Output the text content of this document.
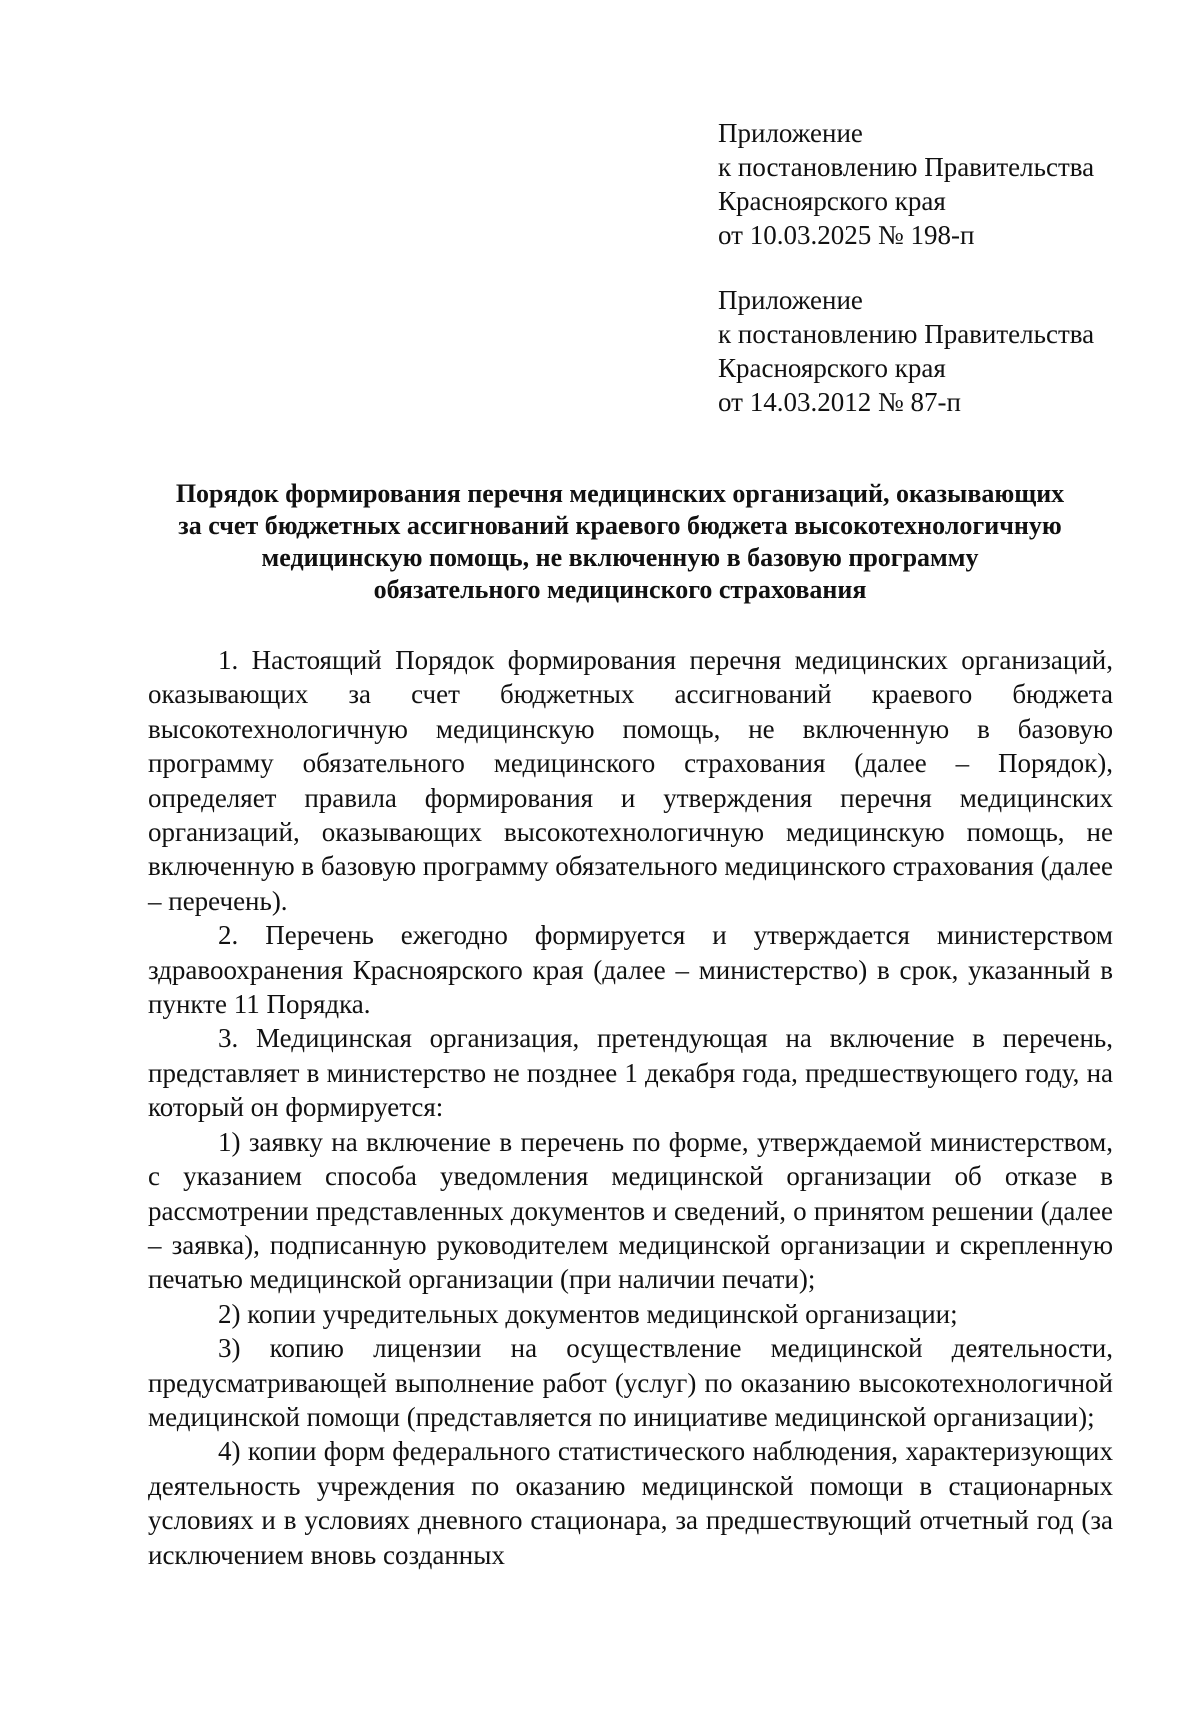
Приложение
к постановлению Правительства
Красноярского края
от 10.03.2025 № 198-п
Приложение
к постановлению Правительства
Красноярского края
от 14.03.2012 № 87-п
Порядок формирования перечня медицинских организаций, оказывающих
за счет бюджетных ассигнований краевого бюджета высокотехнологичную
медицинскую помощь, не включенную в базовую программу
обязательного медицинского страхования

1. Настоящий Порядок формирования перечня медицинских организаций, оказывающих за счет бюджетных ассигнований краевого бюджета высокотехнологичную медицинскую помощь, не включенную в базовую программу обязательного медицинского страхования (далее – Порядок), определяет правила формирования и утверждения перечня медицинских организаций, оказывающих высокотехнологичную медицинскую помощь, не включенную в базовую программу обязательного медицинского страхования (далее – перечень).

2. Перечень ежегодно формируется и утверждается министерством здравоохранения Красноярского края (далее – министерство) в срок, указанный в пункте 11 Порядка.

3. Медицинская организация, претендующая на включение в перечень, представляет в министерство не позднее 1 декабря года, предшествующего году, на который он формируется:

1) заявку на включение в перечень по форме, утверждаемой министерством, с указанием способа уведомления медицинской организации об отказе в рассмотрении представленных документов и сведений, о принятом решении (далее – заявка), подписанную руководителем медицинской организации и скрепленную печатью медицинской организации (при наличии печати);

2) копии учредительных документов медицинской организации;

3) копию лицензии на осуществление медицинской деятельности, предусматривающей выполнение работ (услуг) по оказанию высокотехнологичной медицинской помощи (представляется по инициативе медицинской организации);

4) копии форм федерального статистического наблюдения, характеризующих деятельность учреждения по оказанию медицинской помощи в стационарных условиях и в условиях дневного стационара, за предшествующий отчетный год (за исключением вновь созданных
